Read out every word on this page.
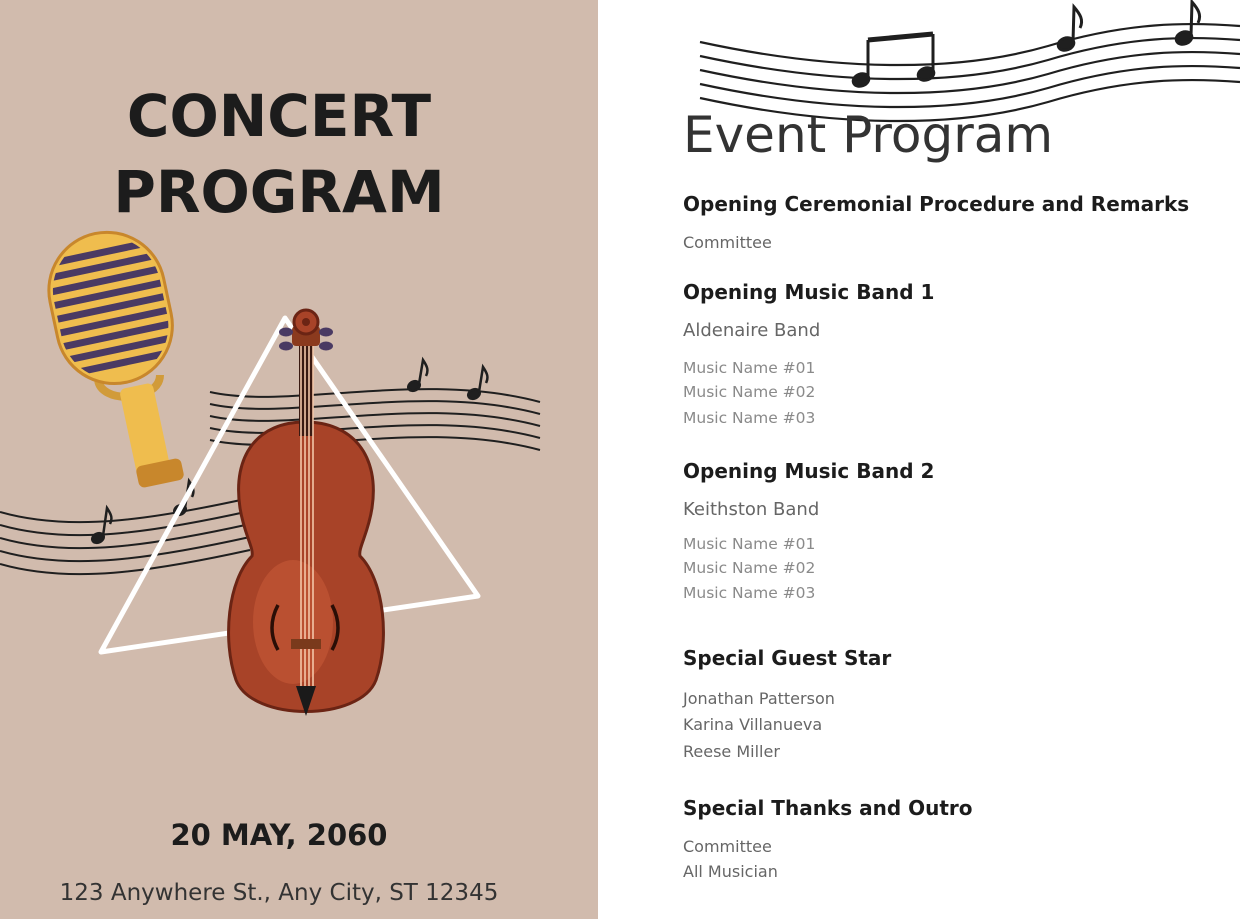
CONCERT
PROGRAM
20 MAY, 2060
123 Anywhere St., Any City, ST 12345
Event Program
Opening Ceremonial Procedure and Remarks
Committee
Opening Music Band 1
Aldenaire Band
Music Name #01
Music Name #02
Music Name #03
Opening Music Band 2
Keithston Band
Music Name #01
Music Name #02
Music Name #03
Special Guest Star
Jonathan Patterson
Karina Villanueva
Reese Miller
Special Thanks and Outro
Committee
All Musician
